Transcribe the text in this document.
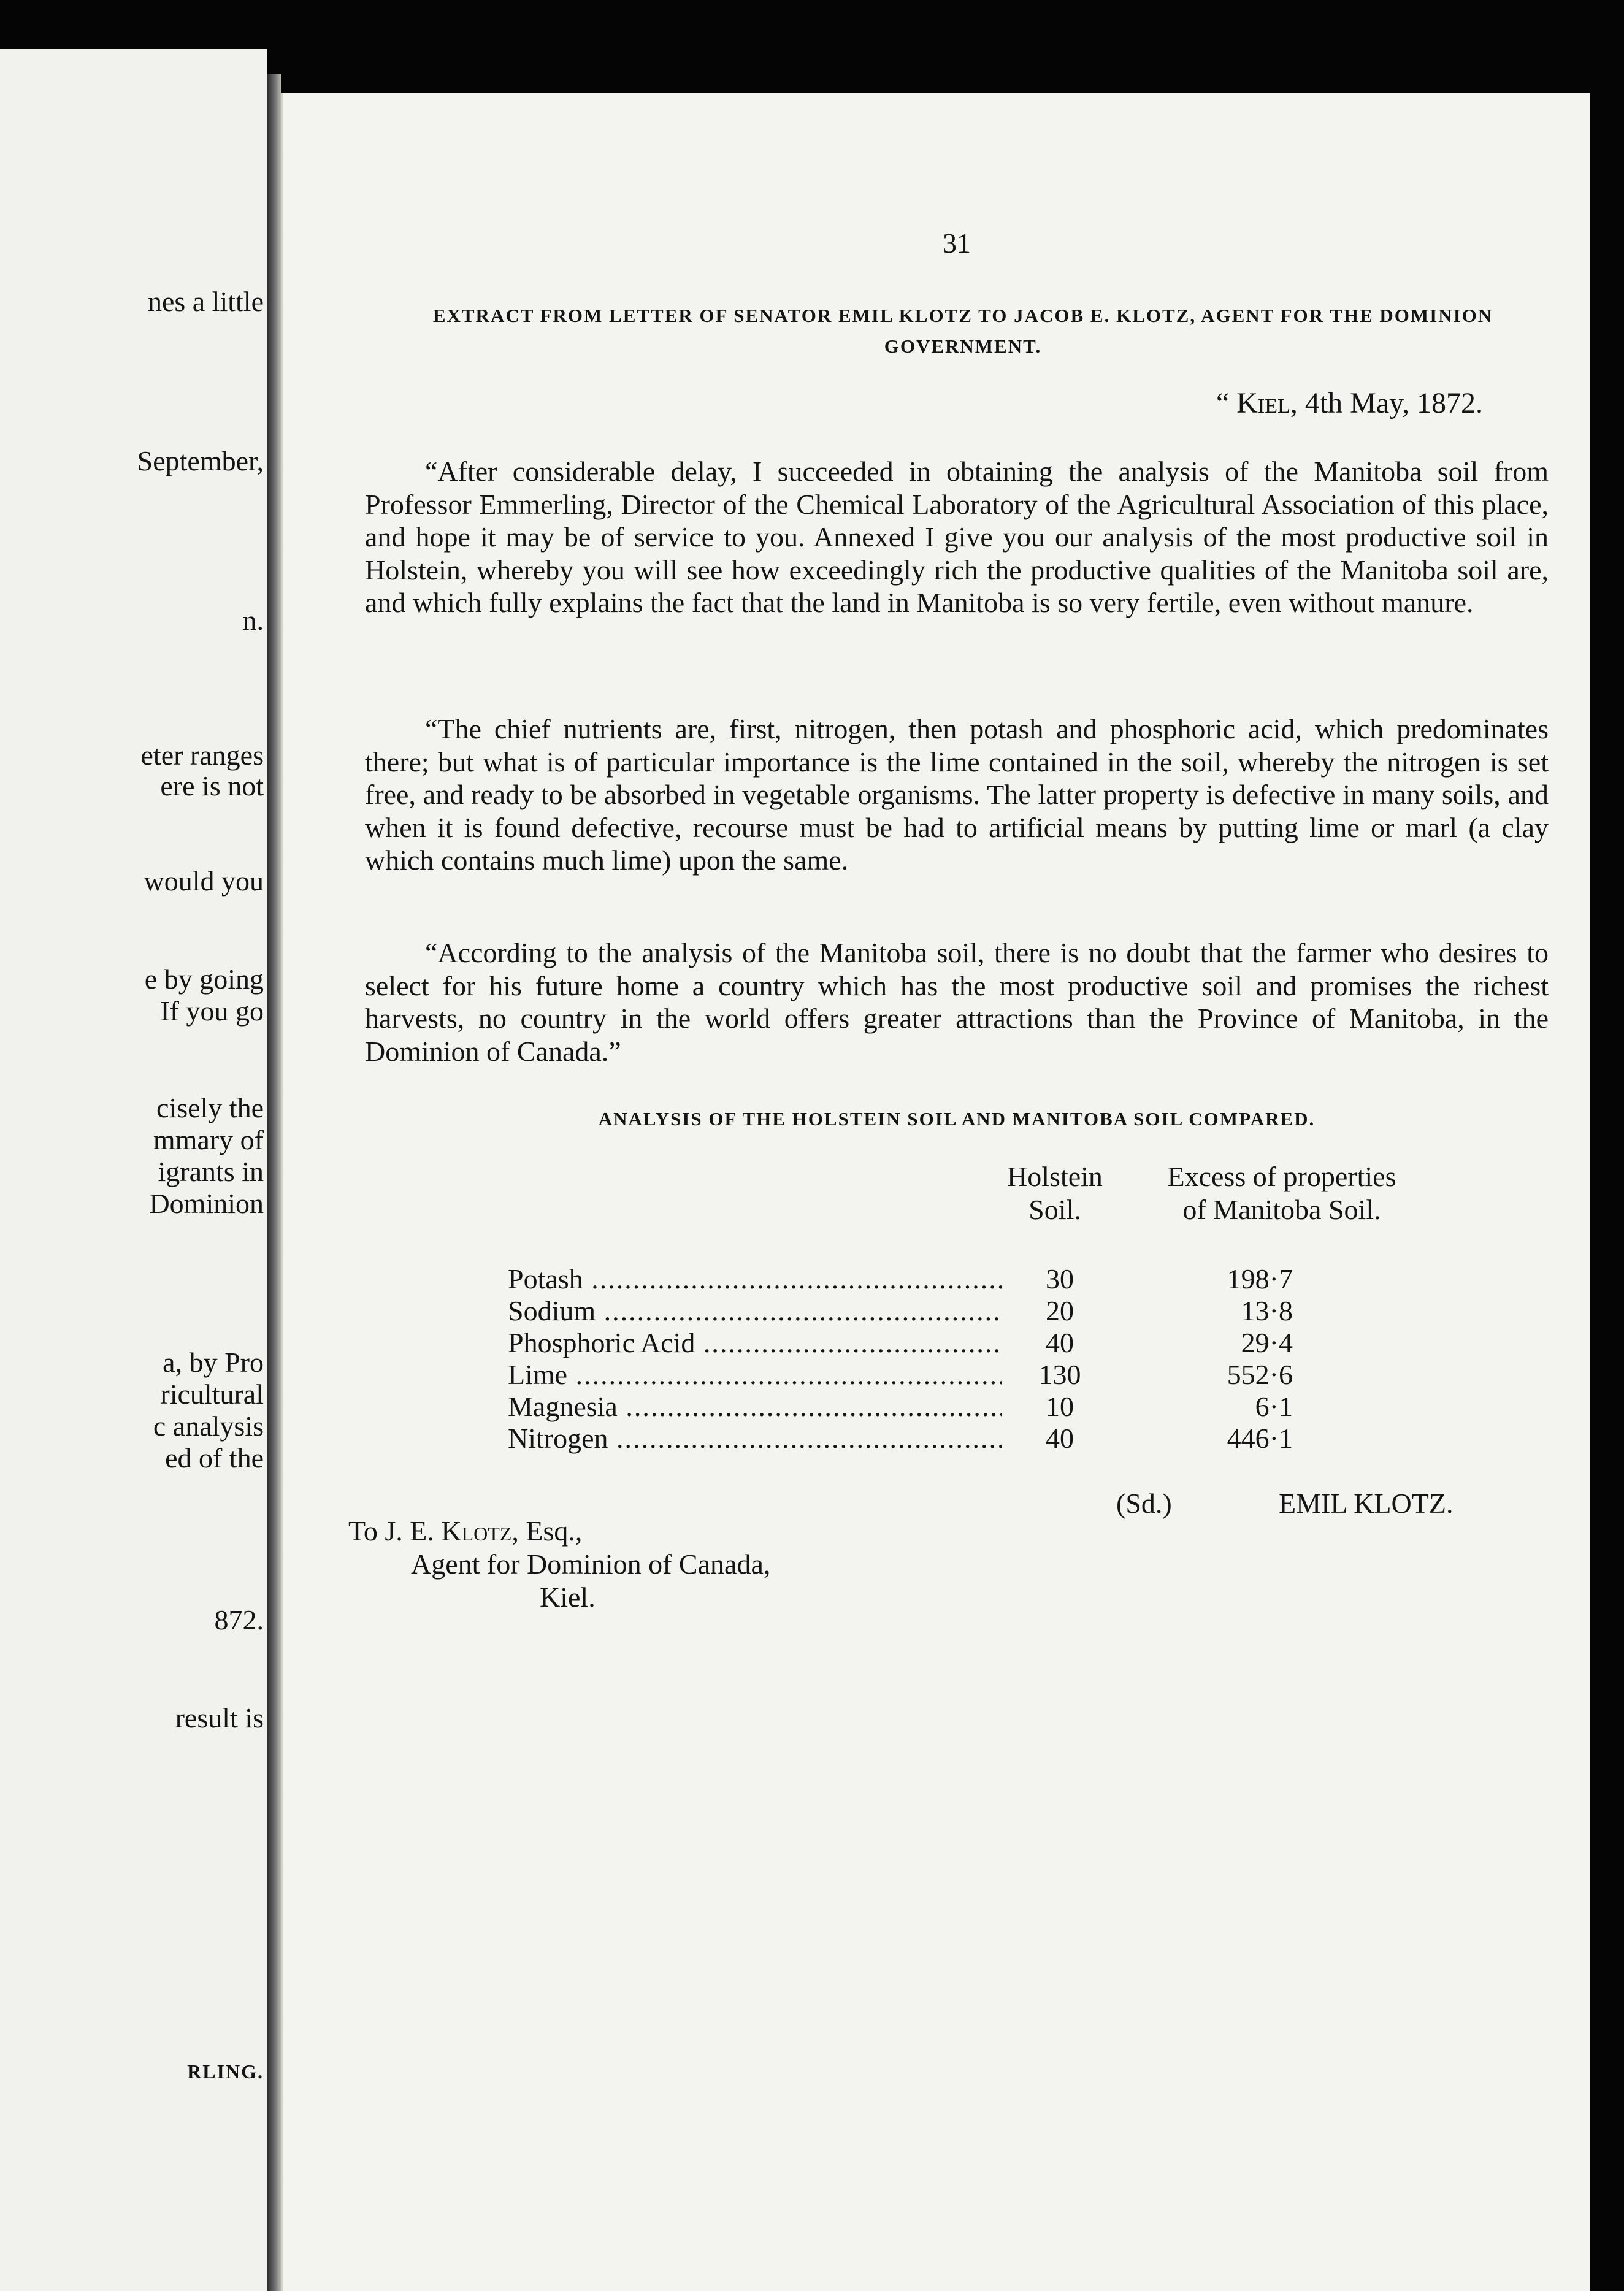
nes a little
September,
n.
eter ranges
ere is not
would you
e by going
If you go
cisely the
mmary of
igrants in
Dominion
a, by Pro
ricultural
c analysis
ed of the
872.
result is
RLING.
31
EXTRACT FROM LETTER OF SENATOR EMIL KLOTZ TO JACOB E. KLOTZ, AGENT FOR THE DOMINION GOVERNMENT.
“ Kiel, 4th May, 1872.

“After considerable delay, I succeeded in obtaining the analysis of the Manitoba soil from Professor Emmerling, Director of the Chemical Laboratory of the Agricultural Association of this place, and hope it may be of service to you. Annexed I give you our analysis of the most productive soil in Holstein, whereby you will see how exceedingly rich the productive qualities of the Manitoba soil are, and which fully explains the fact that the land in Manitoba is so very fertile, even without manure.

“The chief nutrients are, first, nitrogen, then potash and phosphoric acid, which predominates there; but what is of particular importance is the lime contained in the soil, whereby the nitrogen is set free, and ready to be absorbed in vegetable organisms. The latter property is defective in many soils, and when it is found defective, recourse must be had to artificial means by putting lime or marl (a clay which contains much lime) upon the same.

“According to the analysis of the Manitoba soil, there is no doubt that the farmer who desires to select for his future home a country which has the most productive soil and promises the richest harvests, no country in the world offers greater attractions than the Province of Manitoba, in the Dominion of Canada.”

ANALYSIS OF THE HOLSTEIN SOIL AND MANITOBA SOIL COMPARED.
Holstein
Soil.
Excess of properties
of Manitoba Soil.
Potash .....	30	198·7
Sodium .....	20	13·8
Phosphoric Acid .....	40	29·4
Lime .....	130	552·6
Magnesia .....	10	6·1
Nitrogen .....	40	446·1
(Sd.)	EMIL KLOTZ.
To J. E. Klotz, Esq.,
Agent for Dominion of Canada,
Kiel.
